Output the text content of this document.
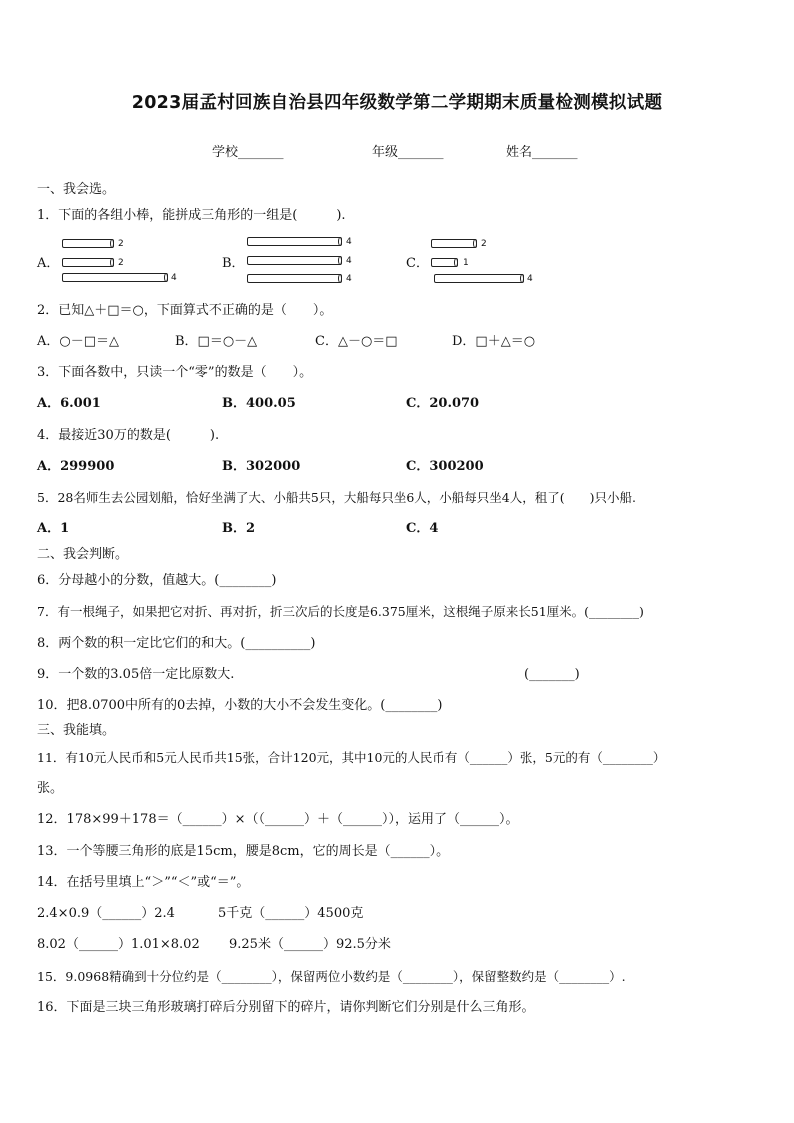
2023届孟村回族自治县四年级数学第二学期期末质量检测模拟试题
学校_______	年级_______	姓名_______
一、我会选。
1．下面的各组小棒，能拼成三角形的一组是(　　　).
A．
2
2
4
B．
4
4
4
C．
2
1
4
2．已知△＋□＝○，下面算式不正确的是（　　）。
A．○－□＝△	B．□＝○－△	C．△－○＝□	D．□＋△＝○
3．下面各数中，只读一个“零”的数是（　　）。
A．6.001	B．400.05	C．20.070
4．最接近30万的数是(　　　).
A．299900	B．302000	C．300200
5．28名师生去公园划船，恰好坐满了大、小船共5只，大船每只坐6人，小船每只坐4人，租了(　　)只小船.
A．1	B．2	C．4
二、我会判断。
6．分母越小的分数，值越大。(________)
7．有一根绳子，如果把它对折、再对折，折三次后的长度是6.375厘米，这根绳子原来长51厘米。(________)
8．两个数的积一定比它们的和大。(__________)
9．一个数的3.05倍一定比原数大.	(_______)
10．把8.0700中所有的0去掉，小数的大小不会发生变化。(________)
三、我能填。
11．有10元人民币和5元人民币共15张，合计120元，其中10元的人民币有（______）张，5元的有（________）
张。
12．178×99＋178＝（______）×（（______）＋（______）），运用了（______）。
13．一个等腰三角形的底是15cm，腰是8cm，它的周长是（______）。
14．在括号里填上“＞”“＜”或“＝”。
2.4×0.9（______）2.4	5千克（______）4500克
8.02（______）1.01×8.02 9.25米（______）92.5分米
15．9.0968精确到十分位约是（________），保留两位小数约是（________），保留整数约是（________）.
16．下面是三块三角形玻璃打碎后分别留下的碎片，请你判断它们分别是什么三角形。
